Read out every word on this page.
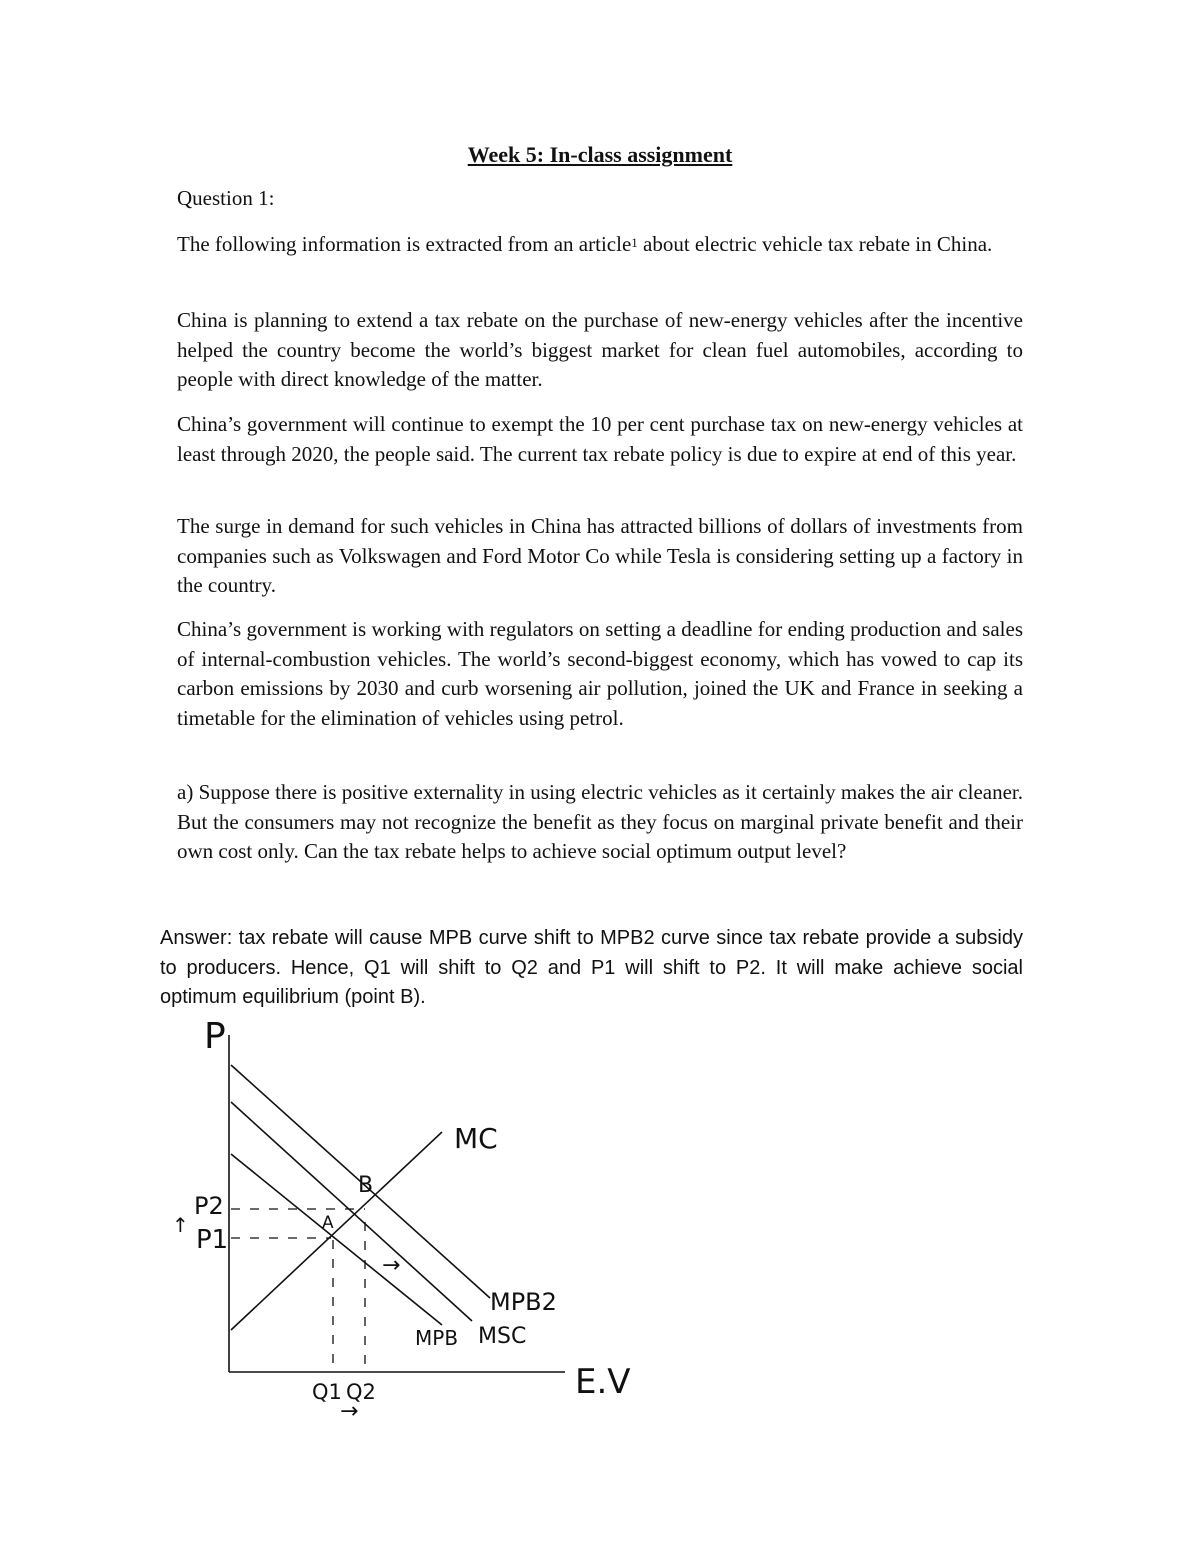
Week 5: In-class assignment

Question 1:

The following information is extracted from an article$^1$ about electric vehicle tax rebate in China.

China is planning to extend a tax rebate on the purchase of new-energy vehicles after the incentive helped the country become the world’s biggest market for clean fuel automobiles, according to people with direct knowledge of the matter.

China’s government will continue to exempt the 10 per cent purchase tax on new-energy vehicles at least through 2020, the people said. The current tax rebate policy is due to expire at end of this year.

The surge in demand for such vehicles in China has attracted billions of dollars of investments from companies such as Volkswagen and Ford Motor Co while Tesla is considering setting up a factory in the country.

China’s government is working with regulators on setting a deadline for ending production and sales of internal-combustion vehicles. The world’s second-biggest economy, which has vowed to cap its carbon emissions by 2030 and curb worsening air pollution, joined the UK and France in seeking a timetable for the elimination of vehicles using petrol.

a) Suppose there is positive externality in using electric vehicles as it certainly makes the air cleaner. But the consumers may not recognize the benefit as they focus on marginal private benefit and their own cost only. Can the tax rebate helps to achieve social optimum output level?

Answer: tax rebate will cause MPB curve shift to MPB2 curve since tax rebate provide a subsidy to producers. Hence, Q1 will shift to Q2 and P1 will shift to P2. It will make achieve social optimum equilibrium (point B).

P
E.V
MC
MPB2
MPB MSC
B
A
P2
P1
↑
Q1 Q2
→
→
